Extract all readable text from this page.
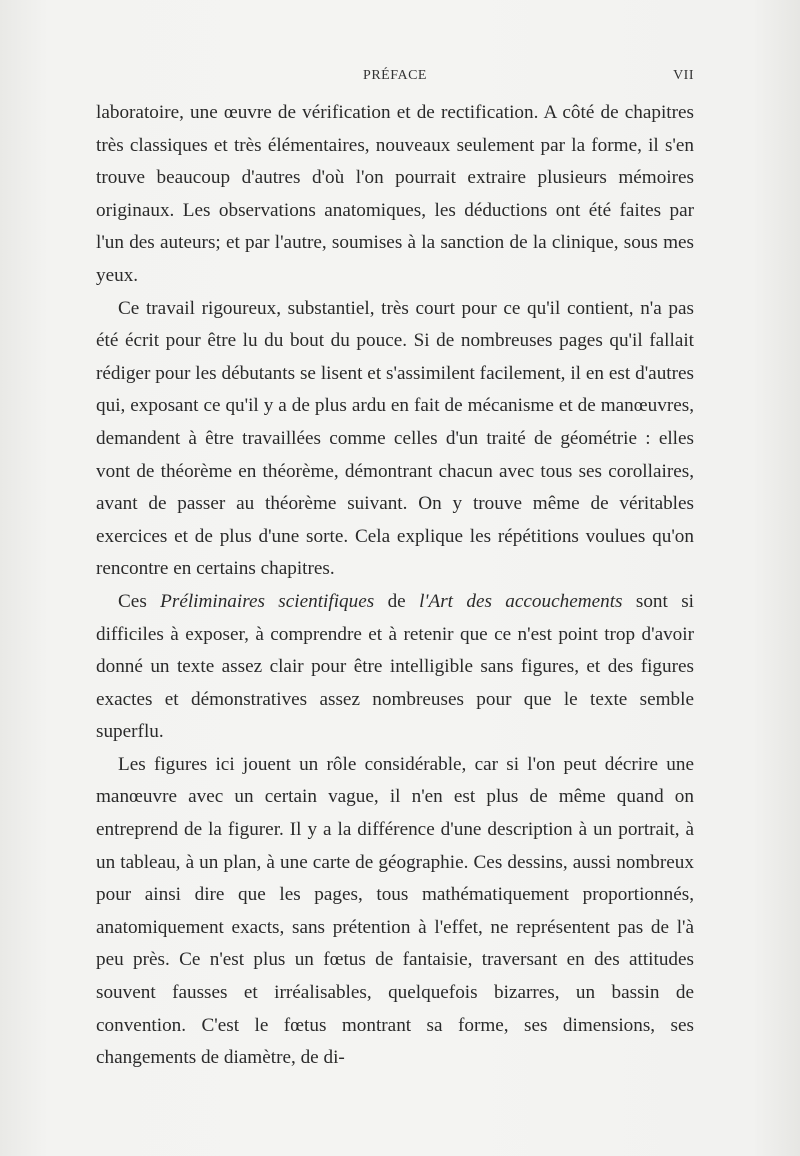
PRÉFACE	VII

laboratoire, une œuvre de vérification et de rectification. A côté de chapitres très classiques et très élémentaires, nouveaux seulement par la forme, il s'en trouve beaucoup d'autres d'où l'on pourrait extraire plusieurs mémoires originaux. Les observations anatomiques, les déductions ont été faites par l'un des auteurs; et par l'autre, soumises à la sanction de la clinique, sous mes yeux.

Ce travail rigoureux, substantiel, très court pour ce qu'il contient, n'a pas été écrit pour être lu du bout du pouce. Si de nombreuses pages qu'il fallait rédiger pour les débutants se lisent et s'assimilent facilement, il en est d'autres qui, exposant ce qu'il y a de plus ardu en fait de mécanisme et de manœuvres, demandent à être travaillées comme celles d'un traité de géométrie : elles vont de théorème en théorème, démontrant chacun avec tous ses corollaires, avant de passer au théorème suivant. On y trouve même de véritables exercices et de plus d'une sorte. Cela explique les répétitions voulues qu'on rencontre en certains chapitres.

Ces Préliminaires scientifiques de l'Art des accouchements sont si difficiles à exposer, à comprendre et à retenir que ce n'est point trop d'avoir donné un texte assez clair pour être intelligible sans figures, et des figures exactes et démonstratives assez nombreuses pour que le texte semble superflu.

Les figures ici jouent un rôle considérable, car si l'on peut décrire une manœuvre avec un certain vague, il n'en est plus de même quand on entreprend de la figurer. Il y a la différence d'une description à un portrait, à un tableau, à un plan, à une carte de géographie. Ces dessins, aussi nombreux pour ainsi dire que les pages, tous mathématiquement proportionnés, anatomiquement exacts, sans prétention à l'effet, ne représentent pas de l'à peu près. Ce n'est plus un fœtus de fantaisie, traversant en des attitudes souvent fausses et irréalisables, quelquefois bizarres, un bassin de convention. C'est le fœtus montrant sa forme, ses dimensions, ses changements de diamètre, de di-
